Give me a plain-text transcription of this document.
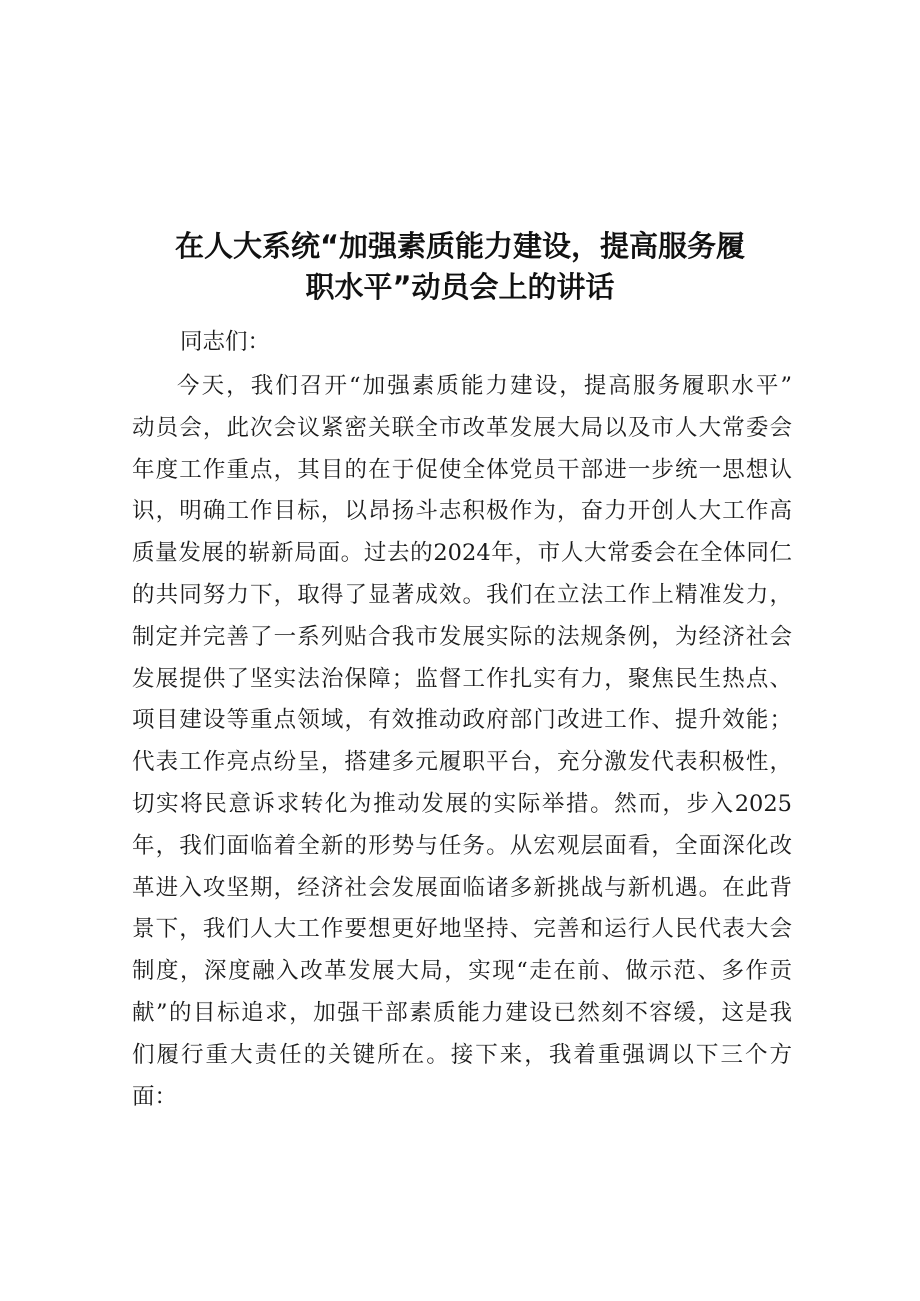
在人大系统“加强素质能力建设，提高服务履
职水平”动员会上的讲话

同志们：

今天，我们召开“加强素质能力建设，提高服务履职水平”
动员会，此次会议紧密关联全市改革发展大局以及市人大常委会
年度工作重点，其目的在于促使全体党员干部进一步统一思想认
识，明确工作目标，以昂扬斗志积极作为，奋力开创人大工作高
质量发展的崭新局面。过去的2024年，市人大常委会在全体同仁
的共同努力下，取得了显著成效。我们在立法工作上精准发力，
制定并完善了一系列贴合我市发展实际的法规条例，为经济社会
发展提供了坚实法治保障；监督工作扎实有力，聚焦民生热点、
项目建设等重点领域，有效推动政府部门改进工作、提升效能；
代表工作亮点纷呈，搭建多元履职平台，充分激发代表积极性，
切实将民意诉求转化为推动发展的实际举措。然而，步入2025
年，我们面临着全新的形势与任务。从宏观层面看，全面深化改
革进入攻坚期，经济社会发展面临诸多新挑战与新机遇。在此背
景下，我们人大工作要想更好地坚持、完善和运行人民代表大会
制度，深度融入改革发展大局，实现“走在前、做示范、多作贡
献”的目标追求，加强干部素质能力建设已然刻不容缓，这是我
们履行重大责任的关键所在。接下来，我着重强调以下三个方
面：
